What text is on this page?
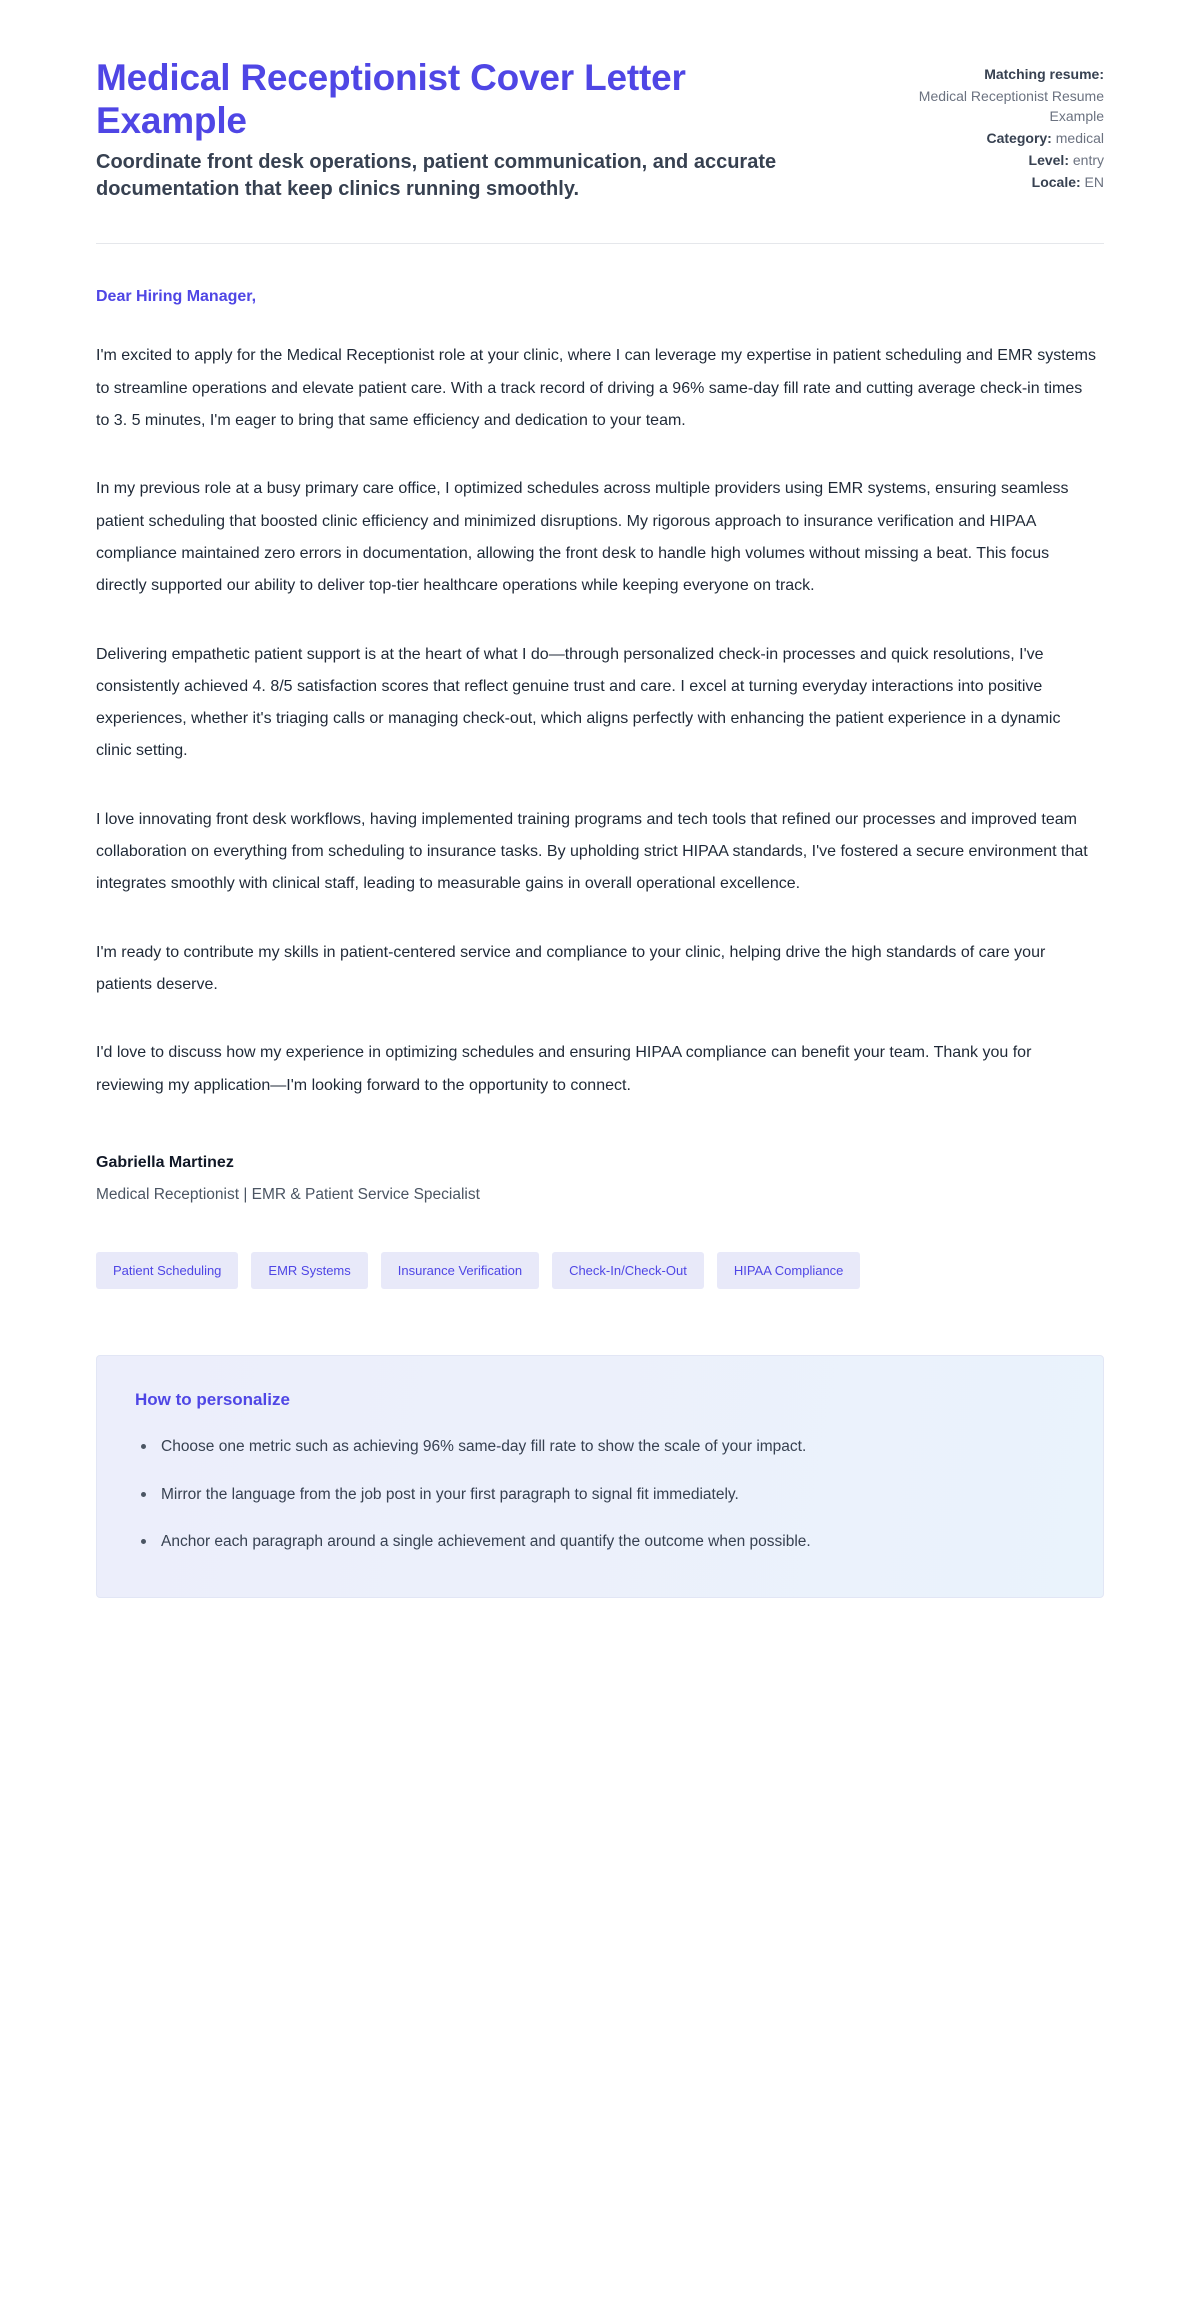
Medical Receptionist Cover Letter Example

Coordinate front desk operations, patient communication, and accurate documentation that keep clinics running smoothly.

Matching resume:
Medical Receptionist Resume Example
Category: medical
Level: entry
Locale: EN

Dear Hiring Manager,

I'm excited to apply for the Medical Receptionist role at your clinic, where I can leverage my expertise in patient scheduling and EMR systems to streamline operations and elevate patient care. With a track record of driving a 96% same-day fill rate and cutting average check-in times to 3. 5 minutes, I'm eager to bring that same efficiency and dedication to your team.

In my previous role at a busy primary care office, I optimized schedules across multiple providers using EMR systems, ensuring seamless patient scheduling that boosted clinic efficiency and minimized disruptions. My rigorous approach to insurance verification and HIPAA compliance maintained zero errors in documentation, allowing the front desk to handle high volumes without missing a beat. This focus directly supported our ability to deliver top-tier healthcare operations while keeping everyone on track.

Delivering empathetic patient support is at the heart of what I do—through personalized check-in processes and quick resolutions, I've consistently achieved 4. 8/5 satisfaction scores that reflect genuine trust and care. I excel at turning everyday interactions into positive experiences, whether it's triaging calls or managing check-out, which aligns perfectly with enhancing the patient experience in a dynamic clinic setting.

I love innovating front desk workflows, having implemented training programs and tech tools that refined our processes and improved team collaboration on everything from scheduling to insurance tasks. By upholding strict HIPAA standards, I've fostered a secure environment that integrates smoothly with clinical staff, leading to measurable gains in overall operational excellence.

I'm ready to contribute my skills in patient-centered service and compliance to your clinic, helping drive the high standards of care your patients deserve.

I'd love to discuss how my experience in optimizing schedules and ensuring HIPAA compliance can benefit your team. Thank you for reviewing my application—I'm looking forward to the opportunity to connect.

Gabriella Martinez

Medical Receptionist | EMR & Patient Service Specialist

Patient Scheduling	EMR Systems	Insurance Verification	Check-In/Check-Out	HIPAA Compliance
How to personalize
Choose one metric such as achieving 96% same-day fill rate to show the scale of your impact.
Mirror the language from the job post in your first paragraph to signal fit immediately.
Anchor each paragraph around a single achievement and quantify the outcome when possible.
